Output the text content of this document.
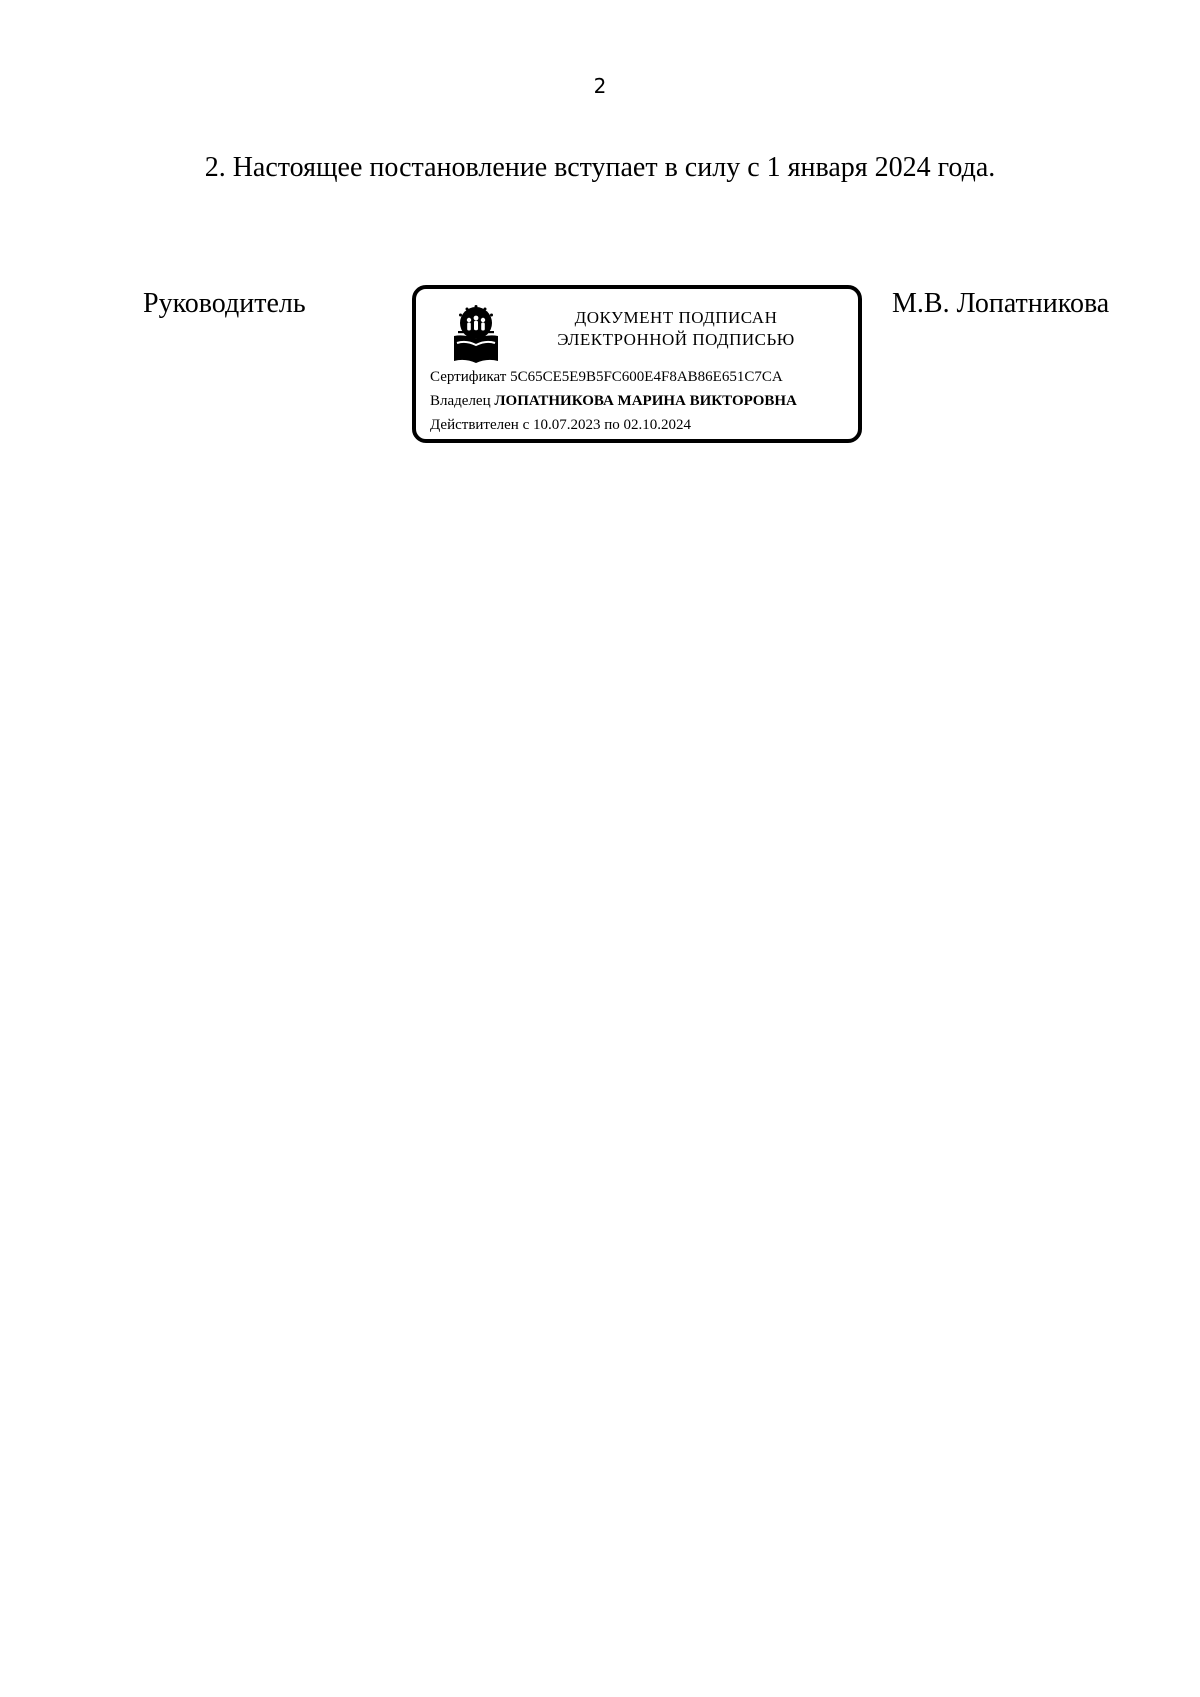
2
2. Настоящее постановление вступает в силу с 1 января 2024 года.
Руководитель	ДОКУМЕНТ ПОДПИСАН
ЭЛЕКТРОННОЙ ПОДПИСЬЮ
Сертификат 5C65CE5E9B5FC600E4F8AB86E651C7CA
Владелец ЛОПАТНИКОВА МАРИНА ВИКТОРОВНА
Действителен с 10.07.2023 по 02.10.2024
М.В. Лопатникова
